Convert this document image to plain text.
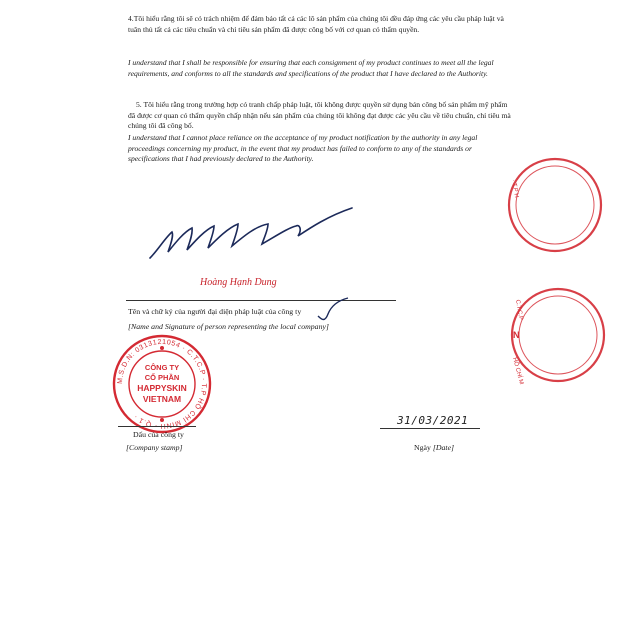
4.Tôi hiểu rằng tôi sẽ có trách nhiệm để đảm bảo tất cả các lô sản phẩm của chúng tôi đều đáp ứng các yêu cầu pháp luật và tuân thủ tất cả các tiêu chuẩn và chỉ tiêu sản phẩm đã được công bố với cơ quan có thẩm quyền.
I understand that I shall be responsible for ensuring that each consignment of my product continues to meet all the legal requirements, and conforms to all the standards and specifications of the product that I have declared to the Authority.
5. Tôi hiểu rằng trong trường hợp có tranh chấp pháp luật, tôi không được quyền sử dụng bản công bố sản phẩm mỹ phẩm đã được cơ quan có thẩm quyền chấp nhận nếu sản phẩm của chúng tôi không đạt được các yêu cầu về tiêu chuẩn, chỉ tiêu mà chúng tôi đã công bố.
I understand that I cannot place reliance on the acceptance of my product notification by the authority in any legal proceedings concerning my product, in the event that my product has failed to conform to any of the standards or specifications that I had previously declared to the Authority.
· T.P H
C.T.C.P
N
HỒ CHÍ M
Hoàng Hạnh Dung
Tên và chữ ký của người đại diện pháp luật của công ty
[Name and Signature of person representing the local company]
M.S.D.N: 0313121054 · C.T.C.P · T.P HỒ CHÍ MINH · Q.1 ·
CÔNG TY
CỔ PHẦN
HAPPYSKIN
VIETNAM
Dấu của công ty
[Company stamp]
31/03/2021
Ngày [Date]
